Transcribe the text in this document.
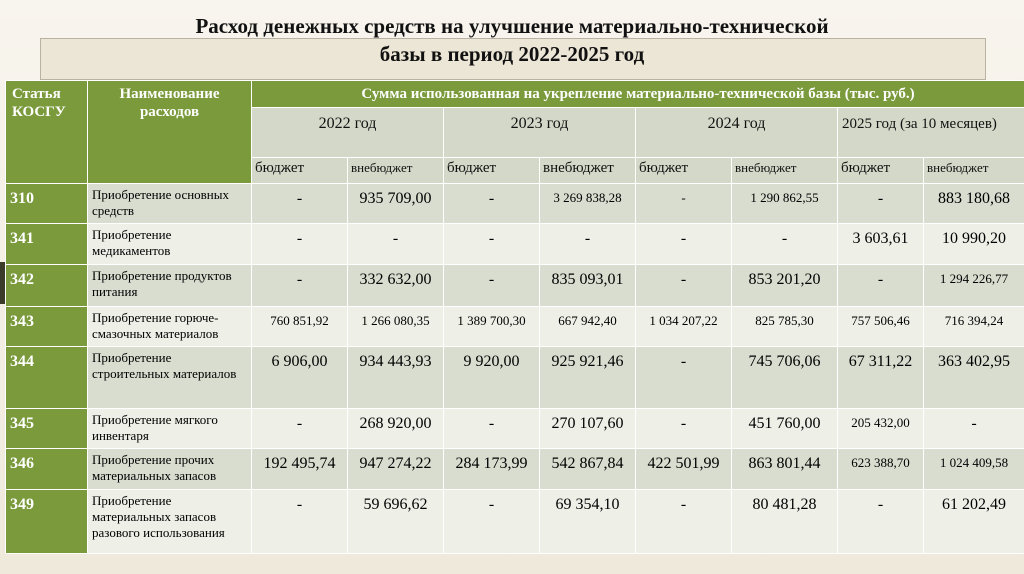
Расход денежных средств на улучшение материально-технической
базы в период 2022-2025 год
Статья КОСГУ	Наименование расходов	Сумма использованная на укрепление материально-технической базы (тыс. руб.)							
		2022 год		2023 год		2024 год		2025 год (за 10 месяцев)	
		бюджет	внебюджет	бюджет	внебюджет	бюджет	внебюджет	бюджет	внебюджет
310	Приобретение основных средств	-	935 709,00	-	3 269 838,28	-	1 290 862,55	-	883 180,68
341	Приобретение медикаментов	-	-	-	-	-	-	3 603,61	10 990,20
342	Приобретение продуктов питания	-	332 632,00	-	835 093,01	-	853 201,20	-	1 294 226,77
343	Приобретение горюче-смазочных материалов	760 851,92	1 266 080,35	1 389 700,30	667 942,40	1 034 207,22	825 785,30	757 506,46	716 394,24
344	Приобретение строительных материалов	6 906,00	934 443,93	9 920,00	925 921,46	-	745 706,06	67 311,22	363 402,95
345	Приобретение мягкого инвентаря	-	268 920,00	-	270 107,60	-	451 760,00	205 432,00	-
346	Приобретение прочих материальных запасов	192 495,74	947 274,22	284 173,99	542 867,84	422 501,99	863 801,44	623 388,70	1 024 409,58
349	Приобретение материальных запасов разового использования	-	59 696,62	-	69 354,10	-	80 481,28	-	61 202,49
